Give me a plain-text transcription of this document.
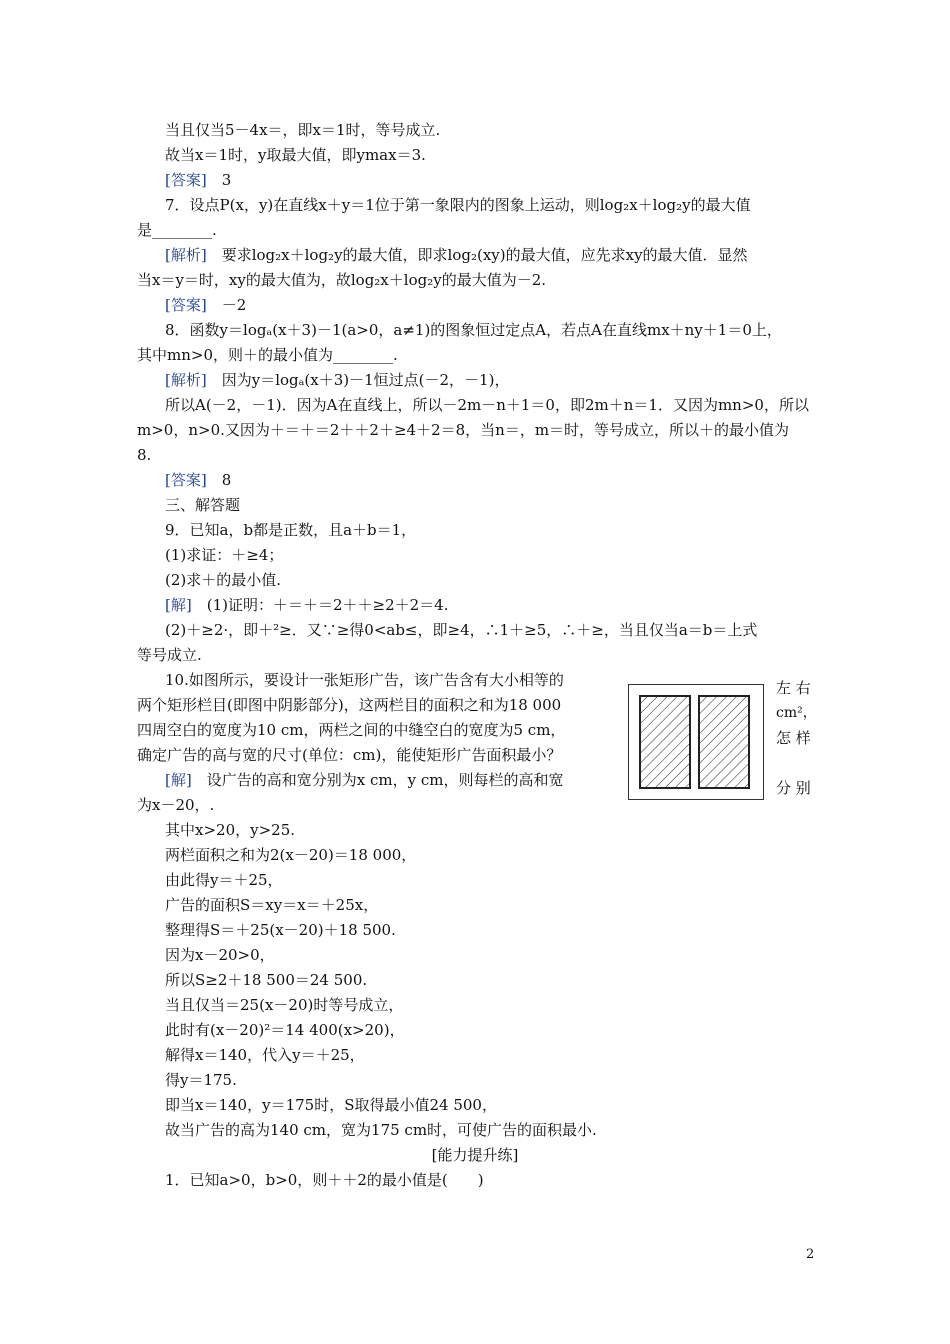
当且仅当5－4x＝，即x＝1时，等号成立.
故当x＝1时，y取最大值，即ymax＝3.
[答案]　3
7．设点P(x，y)在直线x＋y＝1位于第一象限内的图象上运动，则log₂x＋log₂y的最大值
是________.
[解析]　要求log₂x＋log₂y的最大值，即求log₂(xy)的最大值，应先求xy的最大值．显然
当x＝y＝时，xy的最大值为，故log₂x＋log₂y的最大值为－2.
[答案]　－2
8．函数y＝logₐ(x＋3)－1(a>0，a≠1)的图象恒过定点A，若点A在直线mx＋ny＋1＝0上，
其中mn>0，则＋的最小值为________.
[解析]　因为y＝logₐ(x＋3)－1恒过点(－2，－1)，
所以A(－2，－1)．因为A在直线上，所以－2m－n＋1＝0，即2m＋n＝1．又因为mn>0，所以
m>0，n>0.又因为＋＝＋＝2＋＋2＋≥4＋2＝8，当n＝，m＝时，等号成立，所以＋的最小值为
8.
[答案]　8
三、解答题
9．已知a，b都是正数，且a＋b＝1，
(1)求证：＋≥4；
(2)求＋的最小值.
[解]　(1)证明：＋＝＋＝2＋＋≥2＋2＝4.
(2)＋≥2·，即＋²≥．又∵≥得0<ab≤，即≥4，∴1＋≥5，∴＋≥，当且仅当a＝b＝上式
等号成立.
10.如图所示，要设计一张矩形广告，该广告含有大小相等的
两个矩形栏目(即图中阴影部分)，这两栏目的面积之和为18 000
四周空白的宽度为10 cm，两栏之间的中缝空白的宽度为5 cm，
确定广告的高与宽的尺寸(单位：cm)，能使矩形广告面积最小？
[解]　设广告的高和宽分别为x cm，y cm，则每栏的高和宽
为x－20，.
其中x>20，y>25.
两栏面积之和为2(x－20)＝18 000，
由此得y＝＋25，
广告的面积S＝xy＝x＝＋25x，
整理得S＝＋25(x－20)＋18 500.
因为x－20>0，
所以S≥2＋18 500＝24 500.
当且仅当＝25(x－20)时等号成立，
此时有(x－20)²＝14 400(x>20)，
解得x＝140，代入y＝＋25，
得y＝175.
即当x＝140，y＝175时，S取得最小值24 500，
故当广告的高为140 cm，宽为175 cm时，可使广告的面积最小.
[能力提升练]
1．已知a>0，b>0，则＋＋2的最小值是(　　)
左 右
cm²，
怎 样
分 别
2
